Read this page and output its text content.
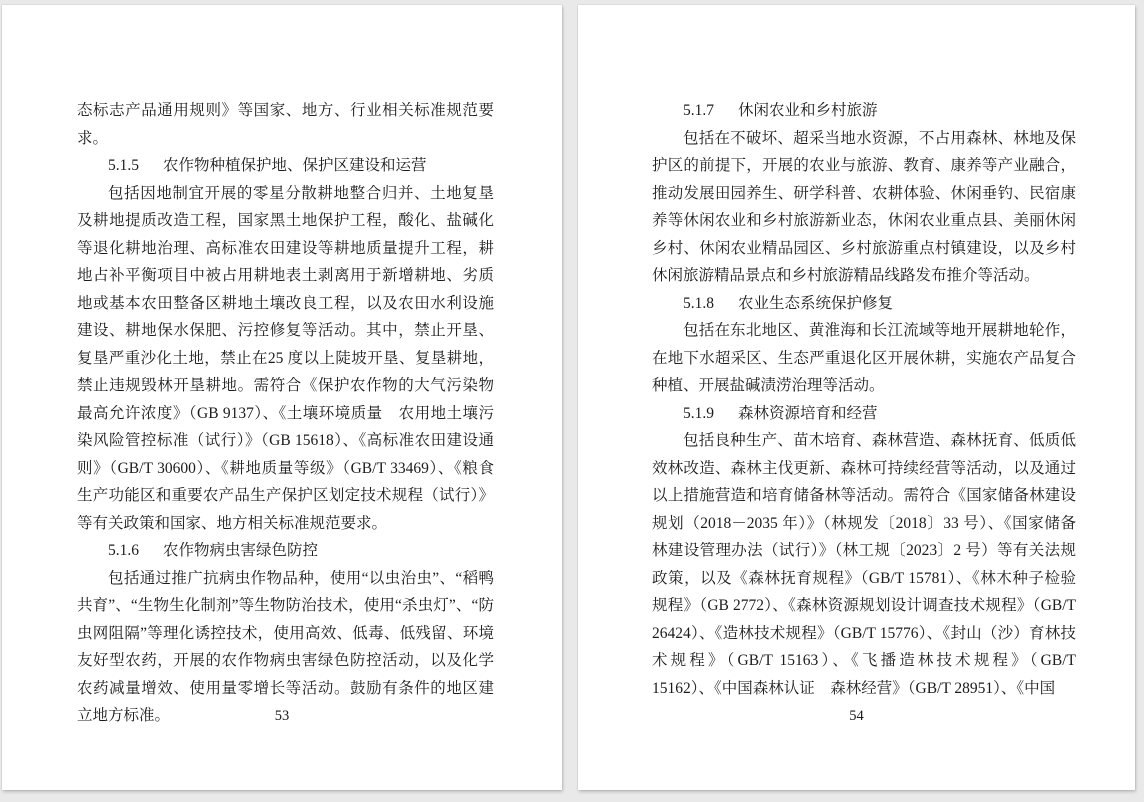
态标志产品通用规则》等国家、地方、行业相关标准规范要求。

5.1.5 农作物种植保护地、保护区建设和运营

包括因地制宜开展的零星分散耕地整合归并、土地复垦及耕地提质改造工程，国家黑土地保护工程，酸化、盐碱化等退化耕地治理、高标准农田建设等耕地质量提升工程，耕地占补平衡项目中被占用耕地表土剥离用于新增耕地、劣质地或基本农田整备区耕地土壤改良工程，以及农田水利设施建设、耕地保水保肥、污控修复等活动。其中，禁止开垦、复垦严重沙化土地，禁止在25 度以上陡坡开垦、复垦耕地，禁止违规毁林开垦耕地。需符合《保护农作物的大气污染物最高允许浓度》（GB 9137）、《土壤环境质量　农用地土壤污染风险管控标准（试行）》（GB 15618）、《高标准农田建设通则》（GB/T 30600）、《耕地质量等级》（GB/T 33469）、《粮食生产功能区和重要农产品生产保护区划定技术规程（试行）》等有关政策和国家、地方相关标准规范要求。

5.1.6 农作物病虫害绿色防控

包括通过推广抗病虫作物品种，使用“以虫治虫”、“稻鸭共育”、“生物生化制剂”等生物防治技术，使用“杀虫灯”、“防虫网阻隔”等理化诱控技术，使用高效、低毒、低残留、环境友好型农药，开展的农作物病虫害绿色防控活动，以及化学农药减量增效、使用量零增长等活动。鼓励有条件的地区建立地方标准。	53
5.1.7 休闲农业和乡村旅游

包括在不破坏、超采当地水资源，不占用森林、林地及保护区的前提下，开展的农业与旅游、教育、康养等产业融合，推动发展田园养生、研学科普、农耕体验、休闲垂钓、民宿康养等休闲农业和乡村旅游新业态，休闲农业重点县、美丽休闲乡村、休闲农业精品园区、乡村旅游重点村镇建设，以及乡村休闲旅游精品景点和乡村旅游精品线路发布推介等活动。

5.1.8 农业生态系统保护修复

包括在东北地区、黄淮海和长江流域等地开展耕地轮作，在地下水超采区、生态严重退化区开展休耕，实施农产品复合种植、开展盐碱渍涝治理等活动。

5.1.9 森林资源培育和经营

包括良种生产、苗木培育、森林营造、森林抚育、低质低效林改造、森林主伐更新、森林可持续经营等活动，以及通过以上措施营造和培育储备林等活动。需符合《国家储备林建设规划（2018－2035 年）》（林规发〔2018〕33 号）、《国家储备林建设管理办法（试行）》（林工规〔2023〕2 号）等有关法规政策，以及《森林抚育规程》（GB/T 15781）、《林木种子检验规程》（GB 2772）、《森林资源规划设计调查技术规程》（GB/T 26424）、《造林技术规程》（GB/T 15776）、《封山（沙）育林技术规程》（GB/T 15163）、《飞播造林技术规程》（GB/T 15162）、《中国森林认证　森林经营》（GB/T 28951）、《中国

54
